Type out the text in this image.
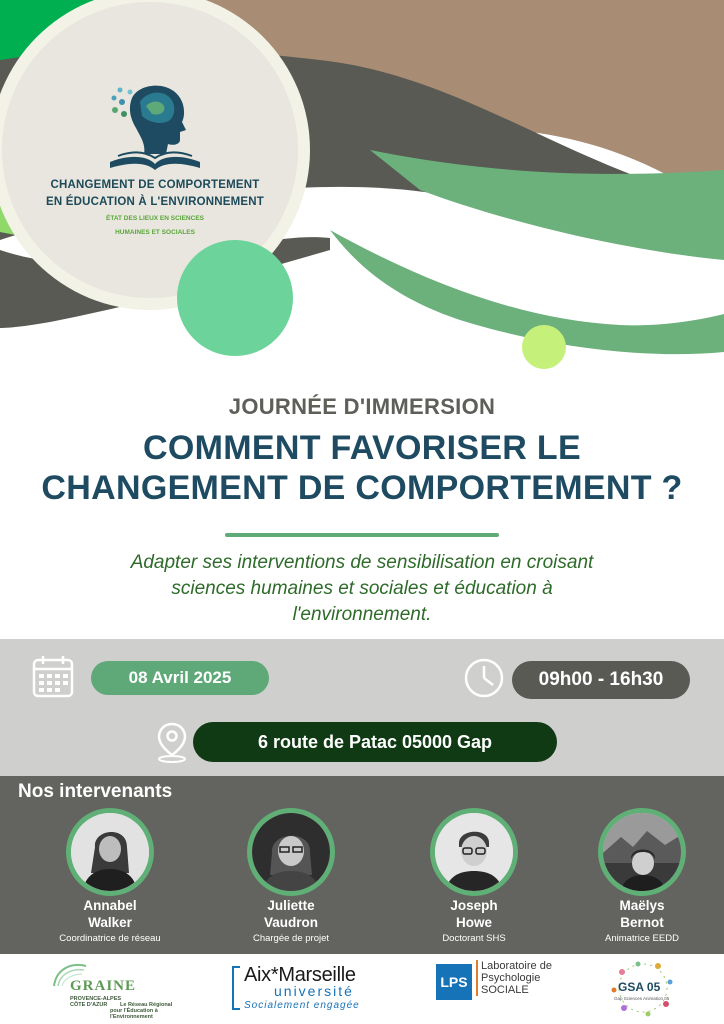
CHANGEMENT DE COMPORTEMENT
EN ÉDUCATION À L'ENVIRONNEMENT
ÉTAT DES LIEUX EN SCIENCES
HUMAINES ET SOCIALES
JOURNÉE D'IMMERSION
COMMENT FAVORISER LE
CHANGEMENT DE COMPORTEMENT ?
Adapter ses interventions de sensibilisation en croisant
sciences humaines et sociales et éducation à
l'environnement.
08 Avril 2025	09h00 - 16h30
6 route de Patac 05000 Gap
Nos intervenants
Annabel
Walker
Coordinatrice de réseau
Juliette
Vaudron
Chargée de projet
Joseph
Howe
Doctorant SHS
Maëlys
Bernot
Animatrice EEDD
GRAINE
PROVENCE-ALPES
CÔTE D'AZUR Le Réseau Régional
pour l'Éducation à l'Environnement
Aix*Marseille
université
Socialement engagée
LPS
Laboratoire de
Psychologie
SOCIALE	GSA 05
Gap Sciences Animation 05
